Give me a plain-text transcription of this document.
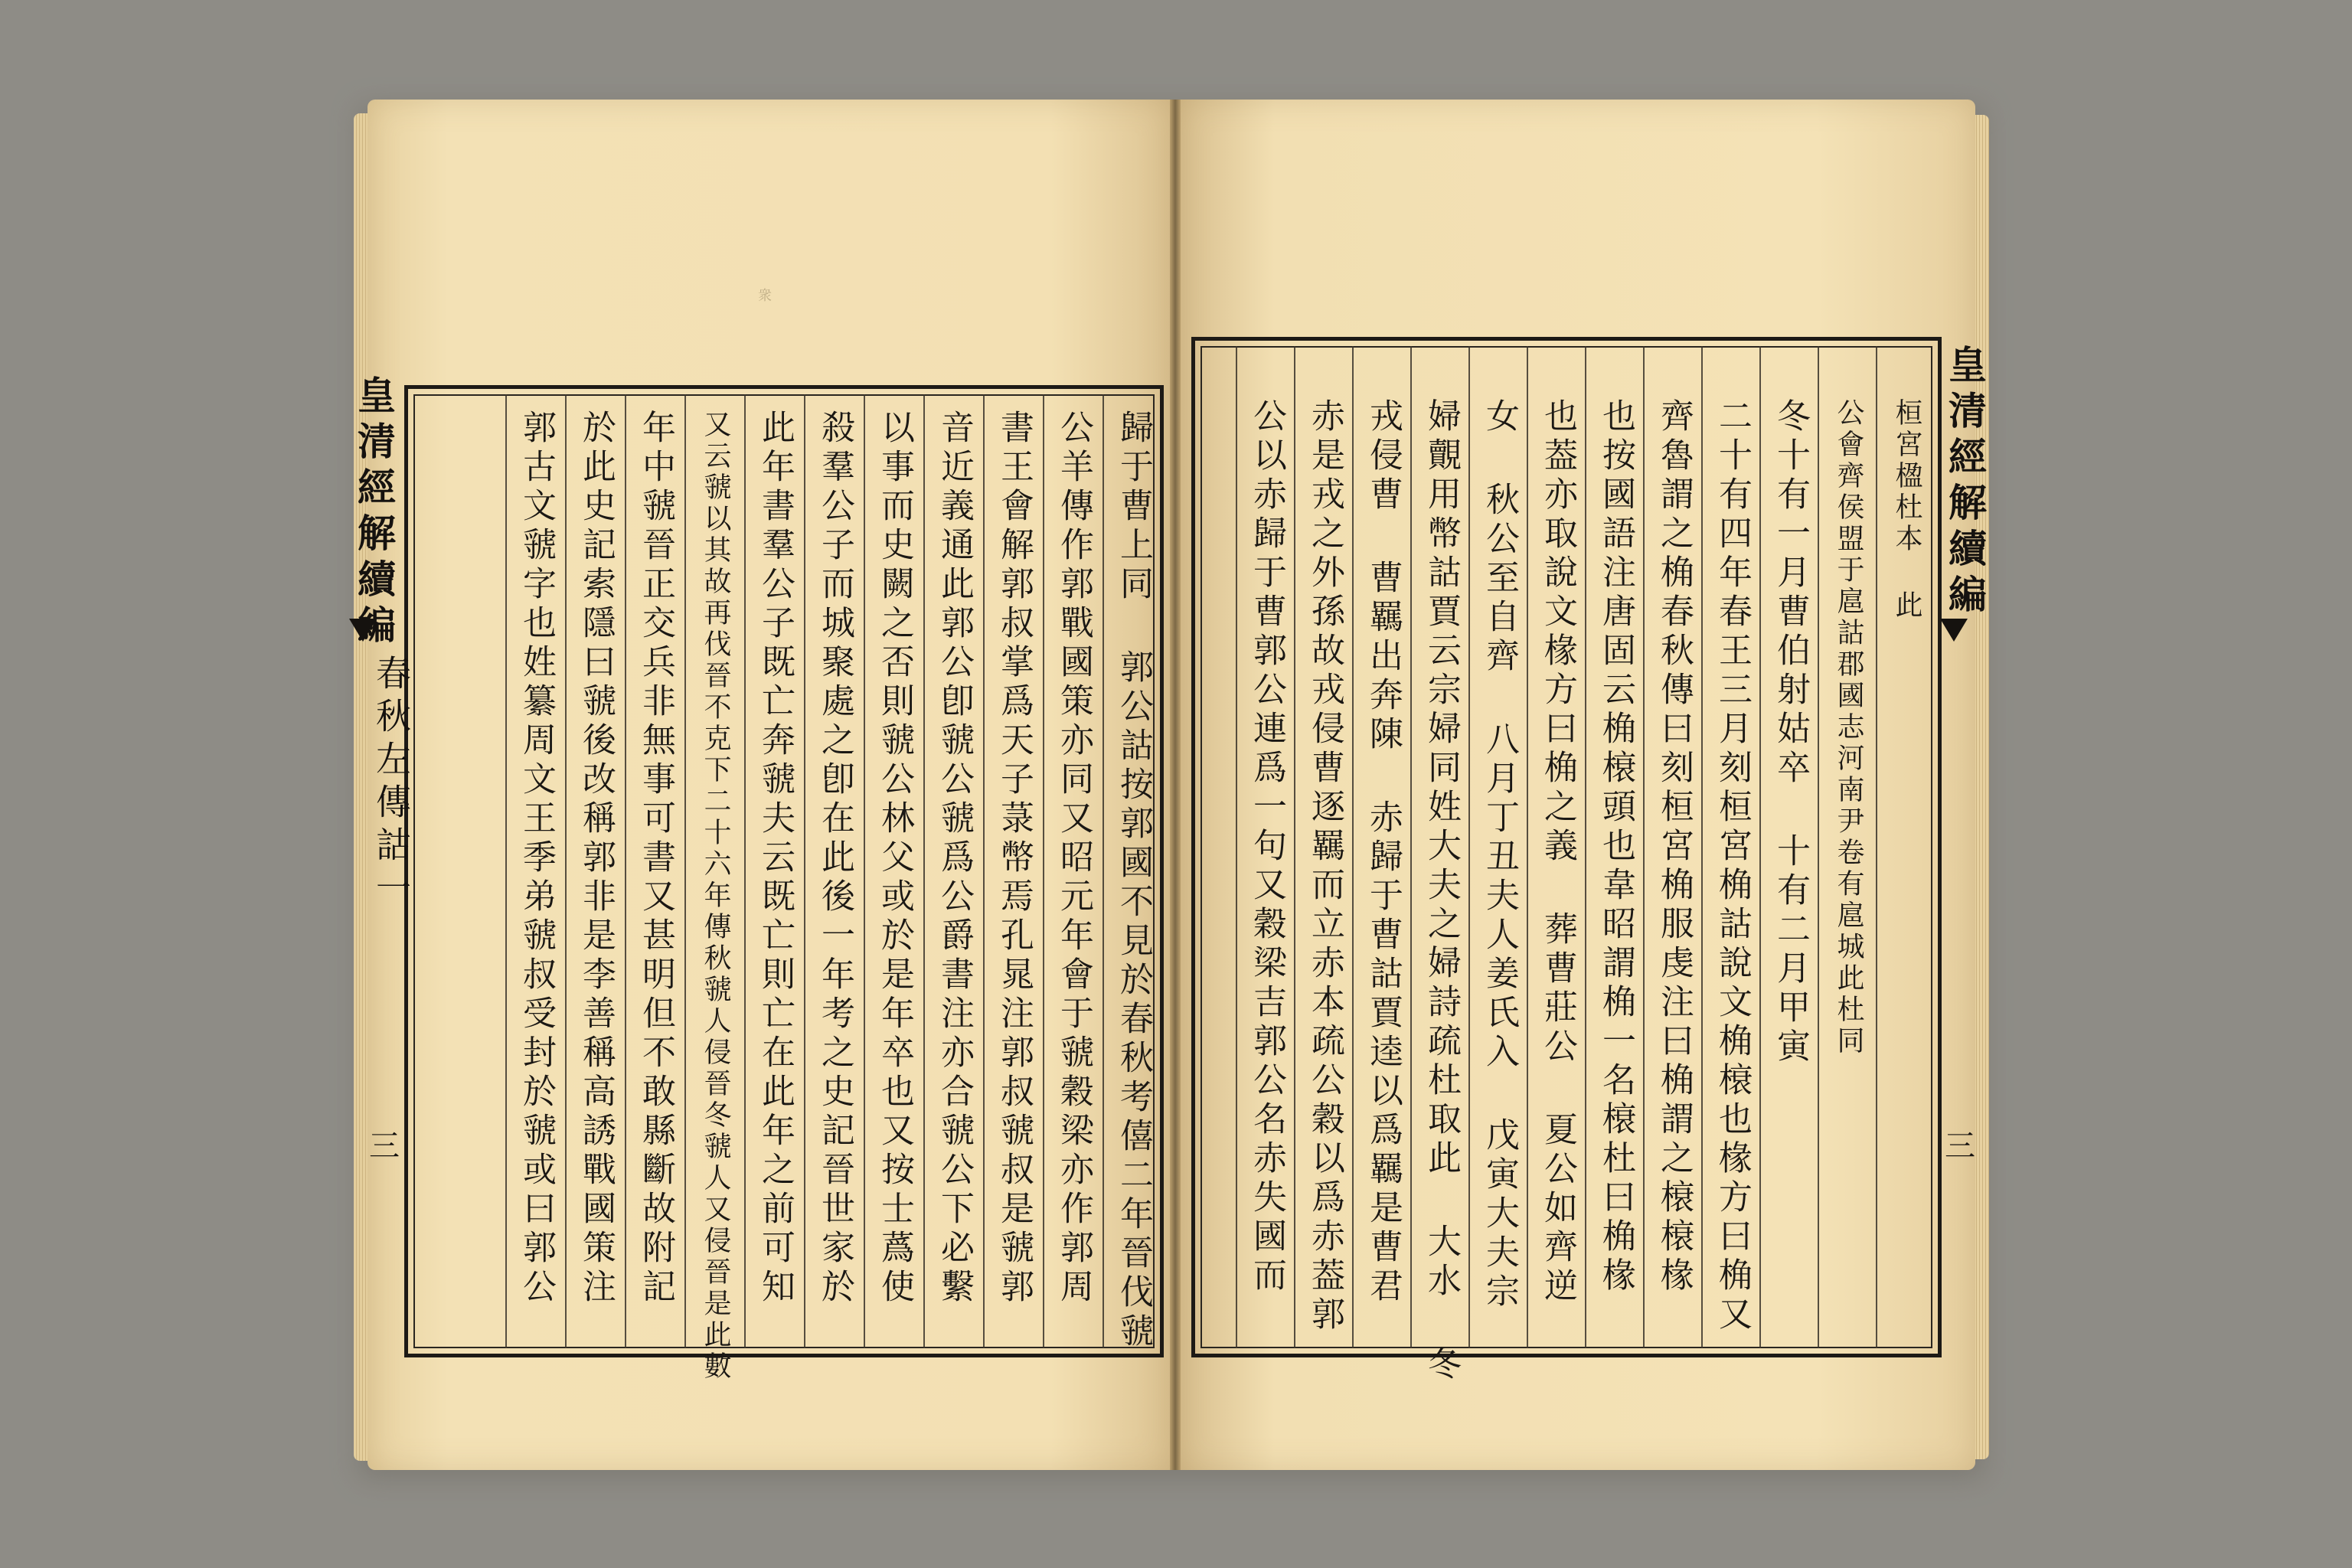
衆
皇清經解續編
春秋左傳詁一
三	歸于曹上同 郭公詁按郭國不見於春秋考僖二年晉伐虢
公羊傳作郭戰國策亦同又昭元年會于虢穀梁亦作郭周
書王會解郭叔掌爲天子菉幣焉孔晁注郭叔虢叔是虢郭
音近義通此郭公卽虢公虢爲公爵書注亦合虢公下必繫
以事而史闕之否則虢公林父或於是年卒也又按士蔿使
殺羣公子而城聚處之卽在此後一年考之史記晉世家於
此年書羣公子既亡奔虢夫云既亡則亡在此年之前可知
又云虢以其故再伐晉不克下二十六年傳秋虢人侵晉冬虢人又侵晉是此數
年中虢晉正交兵非無事可書又甚明但不敢縣斷故附記
於此史記索隱曰虢後改稱郭非是李善稱高誘戰國策注
郭古文虢字也姓纂周文王季弟虢叔受封於虢或曰郭公	皇清經解續編
三
桓宮楹杜本 此
公會齊侯盟于扈詁郡國志河南尹卷有扈城此杜同
冬十有一月曹伯射姑卒 十有二月甲寅
二十有四年春王三月刻桓宮桷詁說文桷榱也椽方曰桷又
齊魯謂之桷春秋傳曰刻桓宮桷服虔注曰桷謂之榱榱椽
也按國語注唐固云桷榱頭也韋昭謂桷一名榱杜曰桷椽
也葢亦取說文椽方曰桷之義 葬曹莊公 夏公如齊逆
女 秋公至自齊 八月丁丑夫人姜氏入 戊寅大夫宗
婦覿用幣詁賈云宗婦同姓大夫之婦詩疏杜取此 大水 冬
戎侵曹 曹羈出奔陳 赤歸于曹詁賈逵以爲羈是曹君
赤是戎之外孫故戎侵曹逐羈而立赤本疏公穀以爲赤葢郭
公以赤歸于曹郭公連爲一句又穀梁吉郭公名赤失國而
